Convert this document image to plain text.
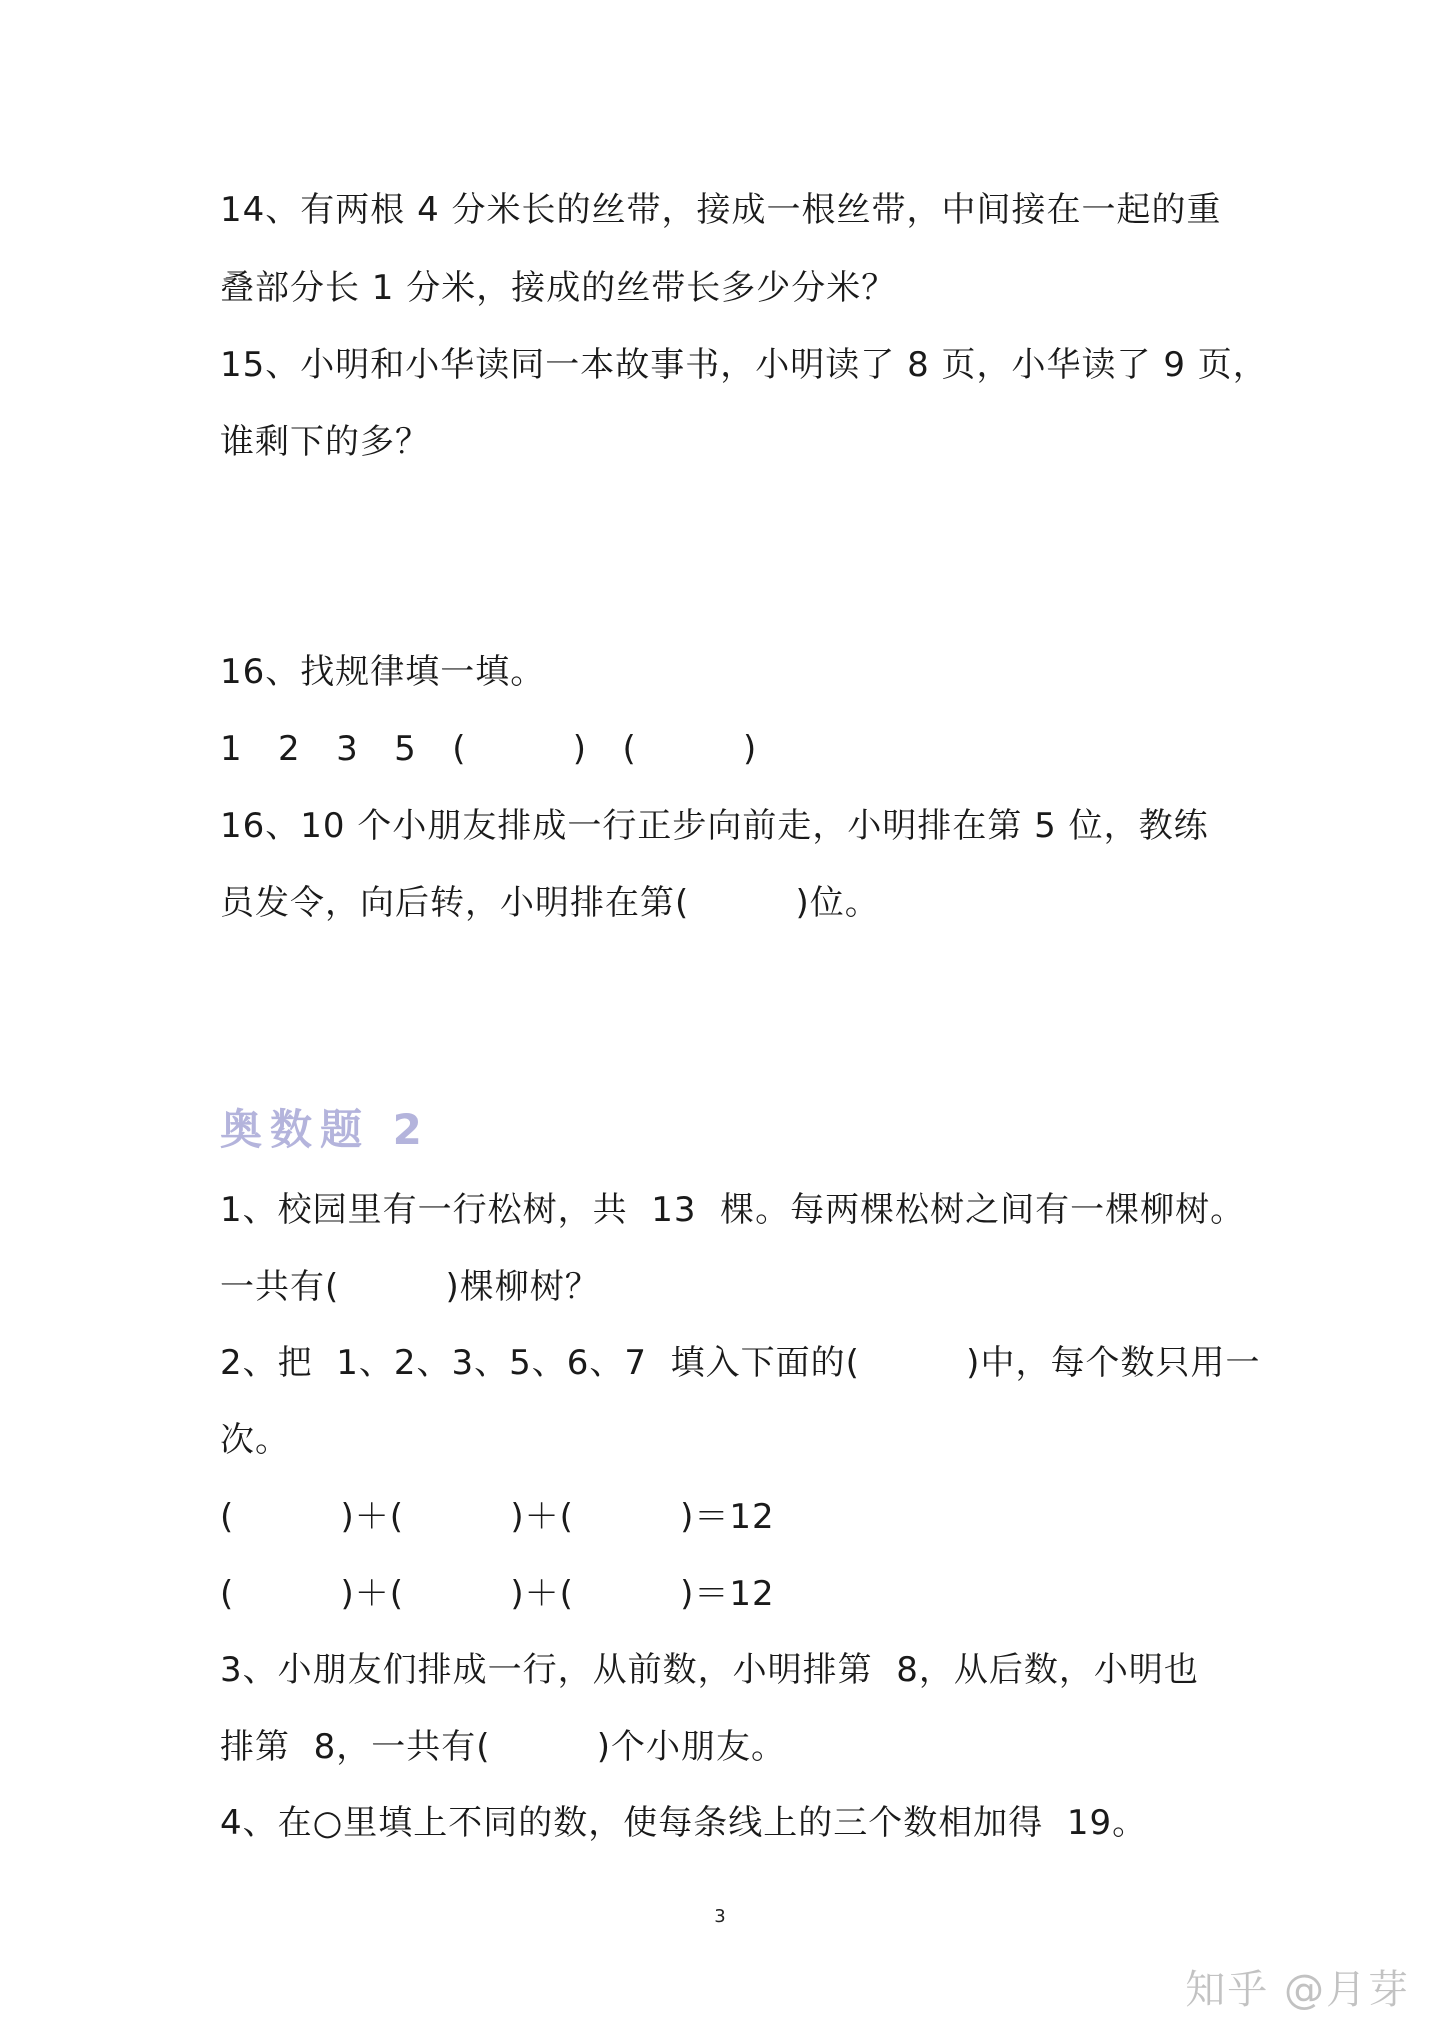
14、有两根 4 分米长的丝带，接成一根丝带，中间接在一起的重
叠部分长 1 分米，接成的丝带长多少分米？
15、小明和小华读同一本故事书，小明读了 8 页，小华读了 9 页，
谁剩下的多？
16、找规律填一填。
1   2   3   5   (         )   (         )
16、10 个小朋友排成一行正步向前走，小明排在第 5 位，教练
员发令，向后转，小明排在第(         )位。
奥数题 2
1、校园里有一行松树，共  13  棵。每两棵松树之间有一棵柳树。
一共有(         )棵柳树？
2、把  1、2、3、5、6、7  填入下面的(         )中，每个数只用一
次。
(         )＋(         )＋(         )＝12
(         )＋(         )＋(         )＝12
3、小朋友们排成一行，从前数，小明排第  8，从后数，小明也
排第  8，一共有(         )个小朋友。
4、在○里填上不同的数，使每条线上的三个数相加得  19。
3
知乎 @月芽
